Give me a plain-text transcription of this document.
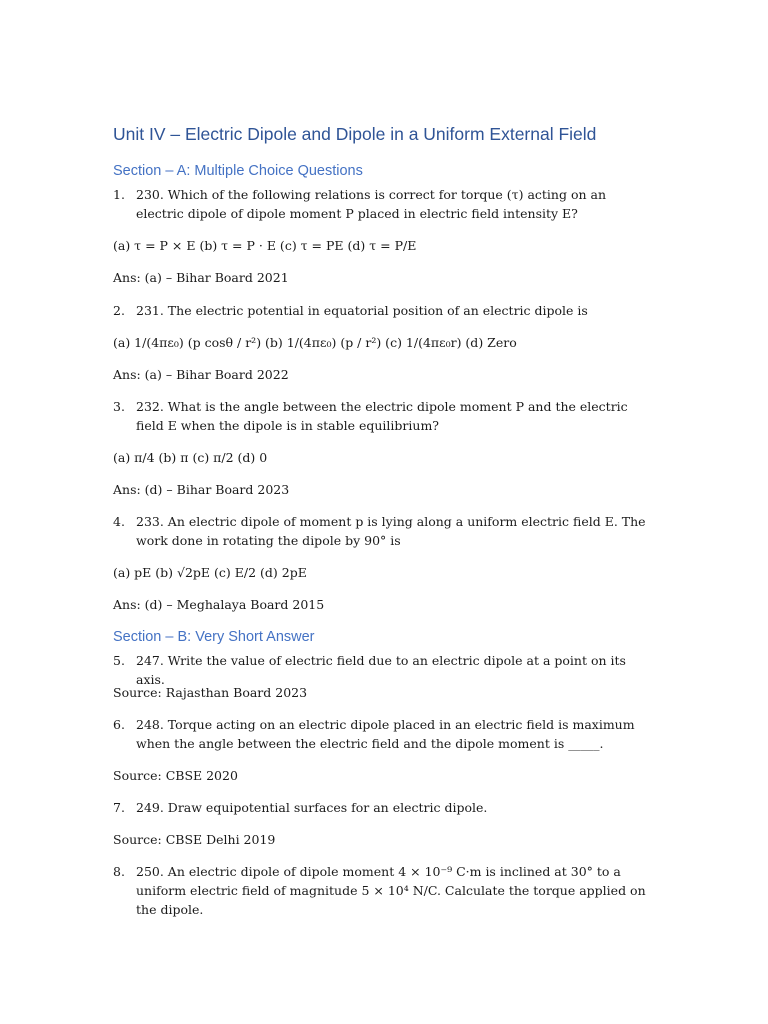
Unit IV – Electric Dipole and Dipole in a Uniform External Field
Section – A: Multiple Choice Questions
1. 230. Which of the following relations is correct for torque (τ) acting on an electric dipole of dipole moment P placed in electric field intensity E?
(a) τ = P × E (b) τ = P · E (c) τ = PE (d) τ = P/E
Ans: (a) – Bihar Board 2021
2. 231. The electric potential in equatorial position of an electric dipole is
(a) 1/(4πε₀) (p cosθ / r²) (b) 1/(4πε₀) (p / r²) (c) 1/(4πε₀r) (d) Zero
Ans: (a) – Bihar Board 2022
3. 232. What is the angle between the electric dipole moment P and the electric field E when the dipole is in stable equilibrium?
(a) π/4 (b) π (c) π/2 (d) 0
Ans: (d) – Bihar Board 2023
4. 233. An electric dipole of moment p is lying along a uniform electric field E. The work done in rotating the dipole by 90° is
(a) pE (b) √2pE (c) E/2 (d) 2pE
Ans: (d) – Meghalaya Board 2015
Section – B: Very Short Answer
5. 247. Write the value of electric field due to an electric dipole at a point on its axis.
Source: Rajasthan Board 2023
6. 248. Torque acting on an electric dipole placed in an electric field is maximum when the angle between the electric field and the dipole moment is _____.
Source: CBSE 2020
7. 249. Draw equipotential surfaces for an electric dipole.
Source: CBSE Delhi 2019
8. 250. An electric dipole of dipole moment 4 × 10⁻⁹ C·m is inclined at 30° to a uniform electric field of magnitude 5 × 10⁴ N/C. Calculate the torque applied on the dipole.
